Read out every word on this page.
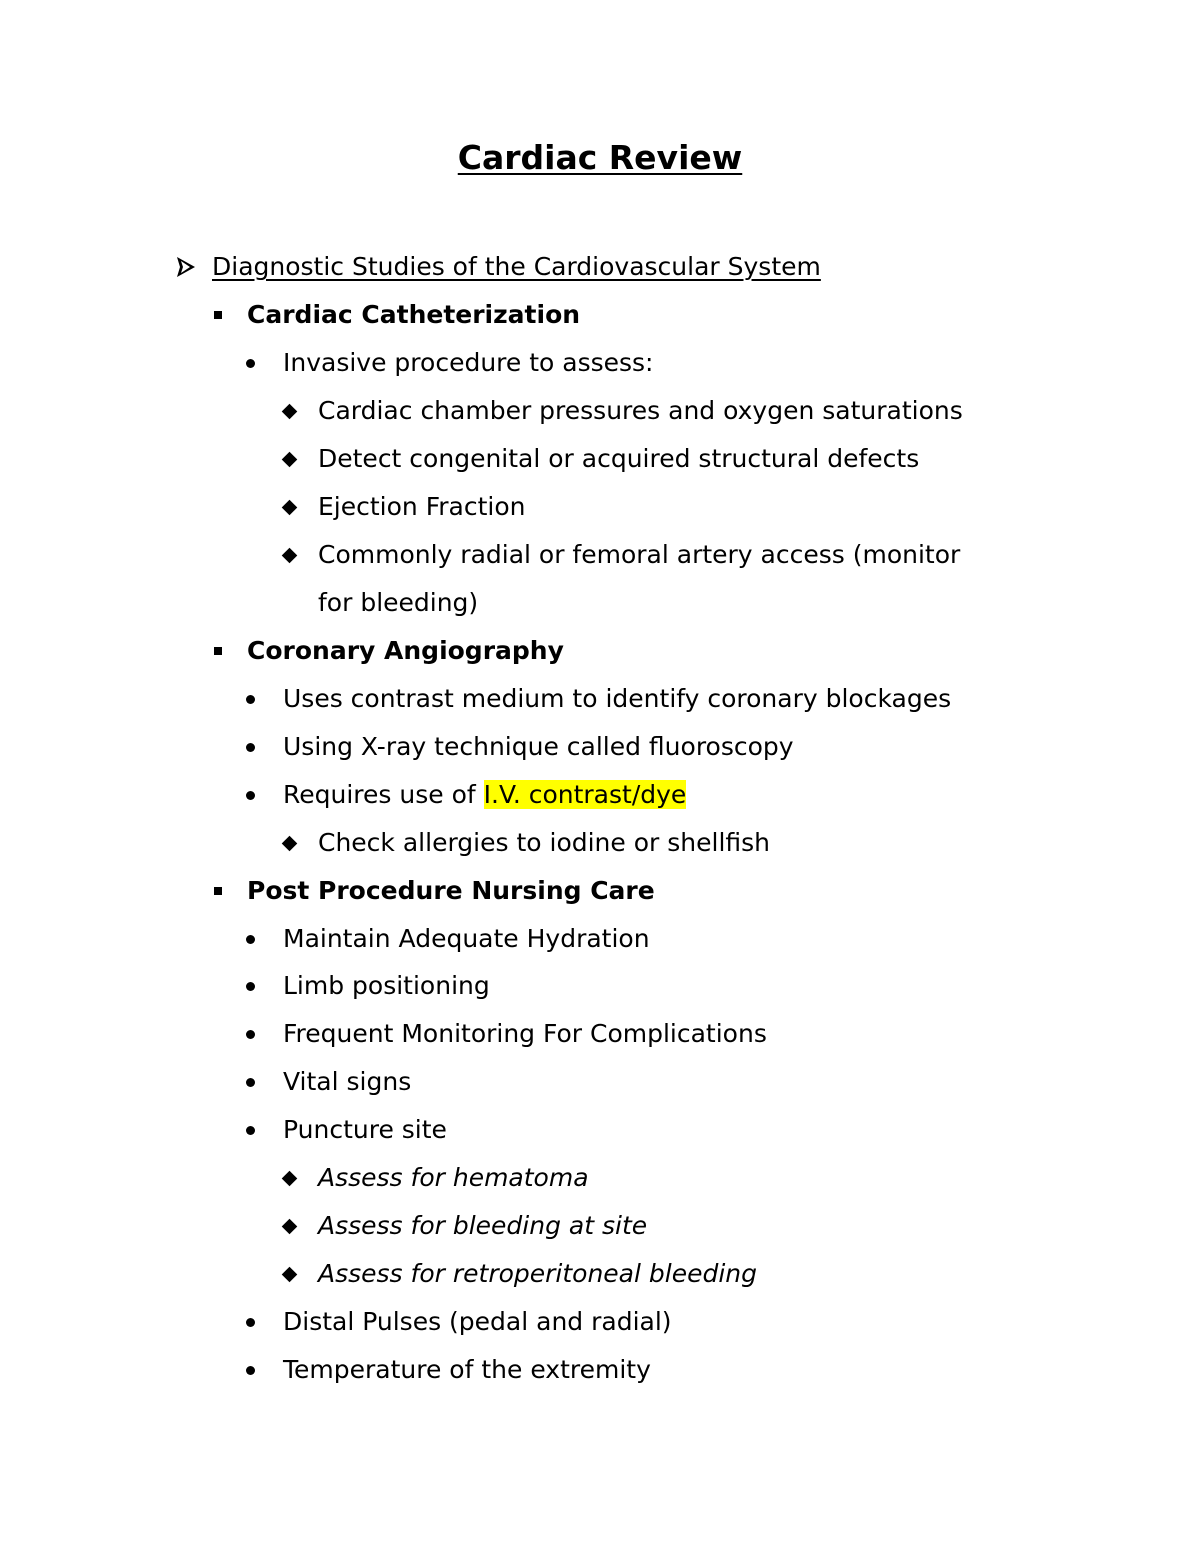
Cardiac Review
Diagnostic Studies of the Cardiovascular System
Cardiac Catheterization
Invasive procedure to assess:
Cardiac chamber pressures and oxygen saturations
Detect congenital or acquired structural defects
Ejection Fraction
Commonly radial or femoral artery access (monitor
for bleeding)
Coronary Angiography
Uses contrast medium to identify coronary blockages
Using X-ray technique called fluoroscopy
Requires use of I.V. contrast/dye
Check allergies to iodine or shellfish
Post Procedure Nursing Care
Maintain Adequate Hydration
Limb positioning
Frequent Monitoring For Complications
Vital signs
Puncture site
Assess for hematoma
Assess for bleeding at site
Assess for retroperitoneal bleeding
Distal Pulses (pedal and radial)
Temperature of the extremity
